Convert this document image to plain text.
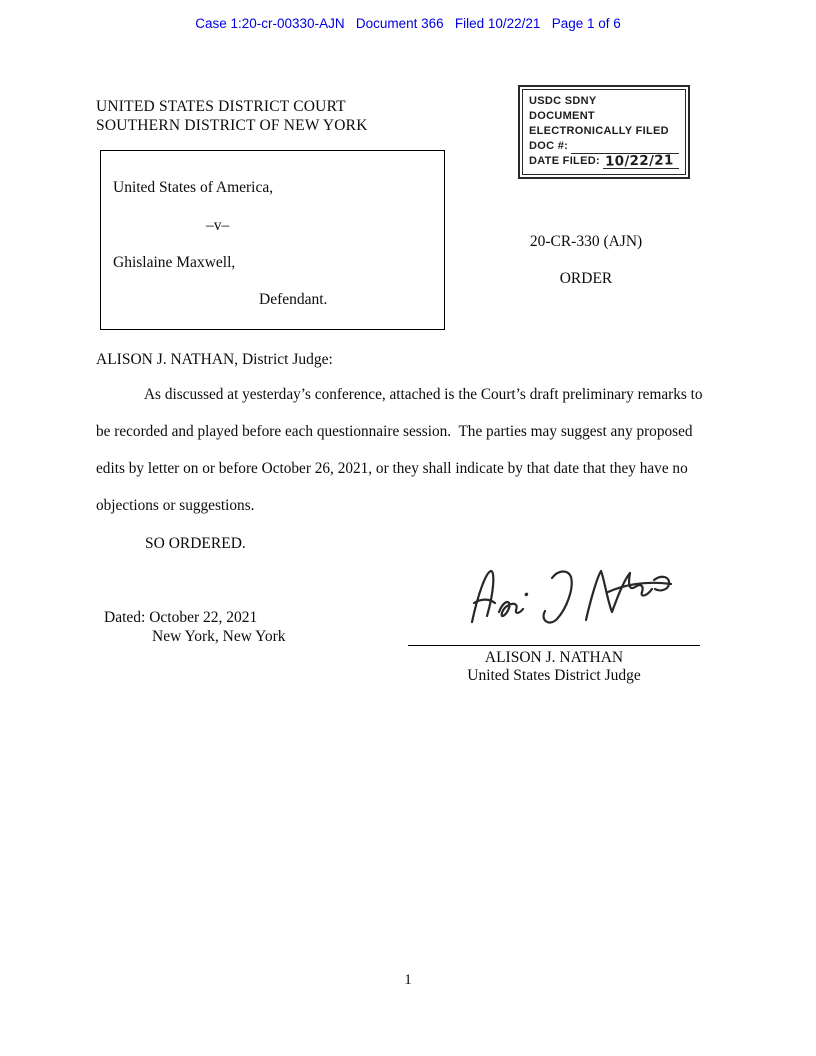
Case 1:20-cr-00330-AJN   Document 366   Filed 10/22/21   Page 1 of 6
UNITED STATES DISTRICT COURT
SOUTHERN DISTRICT OF NEW YORK
USDC SDNY
DOCUMENT
ELECTRONICALLY FILED
DOC #:
DATE FILED: 10/22/21
United States of America,
–v–
Ghislaine Maxwell,
Defendant.
20-CR-330 (AJN)
ORDER
ALISON J. NATHAN, District Judge:
As discussed at yesterday’s conference, attached is the Court’s draft preliminary remarks to be recorded and played before each questionnaire session.  The parties may suggest any proposed edits by letter on or before October 26, 2021, or they shall indicate by that date that they have no objections or suggestions.
SO ORDERED.
Dated: October 22, 2021
New York, New York
ALISON J. NATHAN
United States District Judge
1
